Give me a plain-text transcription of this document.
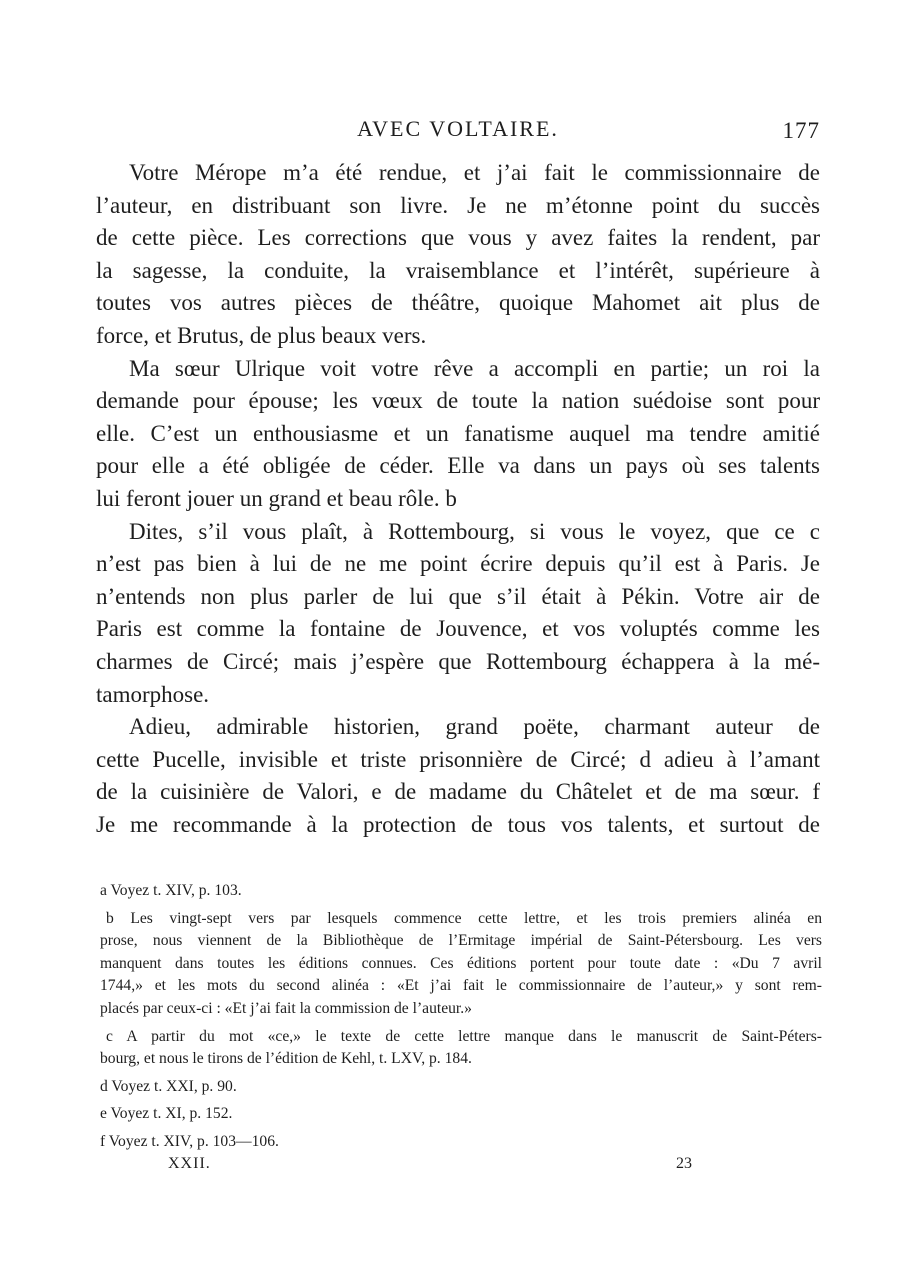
AVEC VOLTAIRE.	177
Votre Mérope m’a été rendue, et j’ai fait le commissionnaire de
l’auteur, en distribuant son livre. Je ne m’étonne point du succès
de cette pièce. Les corrections que vous y avez faites la rendent, par
la sagesse, la conduite, la vraisemblance et l’intérêt, supérieure à
toutes vos autres pièces de théâtre, quoique Mahomet ait plus de
force, et Brutus, de plus beaux vers.
Ma sœur Ulrique voit votre rêve a accompli en partie; un roi la
demande pour épouse; les vœux de toute la nation suédoise sont pour
elle. C’est un enthousiasme et un fanatisme auquel ma tendre amitié
pour elle a été obligée de céder. Elle va dans un pays où ses talents
lui feront jouer un grand et beau rôle. b
Dites, s’il vous plaît, à Rottembourg, si vous le voyez, que ce c
n’est pas bien à lui de ne me point écrire depuis qu’il est à Paris. Je
n’entends non plus parler de lui que s’il était à Pékin. Votre air de
Paris est comme la fontaine de Jouvence, et vos voluptés comme les
charmes de Circé; mais j’espère que Rottembourg échappera à la mé-
tamorphose.
Adieu, admirable historien, grand poëte, charmant auteur de
cette Pucelle, invisible et triste prisonnière de Circé; d adieu à l’amant
de la cuisinière de Valori, e de madame du Châtelet et de ma sœur. f
Je me recommande à la protection de tous vos talents, et surtout de
a Voyez t. XIV, p. 103.
b Les vingt-sept vers par lesquels commence cette lettre, et les trois premiers alinéa en
prose, nous viennent de la Bibliothèque de l’Ermitage impérial de Saint-Pétersbourg. Les vers
manquent dans toutes les éditions connues. Ces éditions portent pour toute date : «Du 7 avril
1744,» et les mots du second alinéa : «Et j’ai fait le commissionnaire de l’auteur,» y sont rem-
placés par ceux-ci : «Et j’ai fait la commission de l’auteur.»
c A partir du mot «ce,» le texte de cette lettre manque dans le manuscrit de Saint-Péters-
bourg, et nous le tirons de l’édition de Kehl, t. LXV, p. 184.
d Voyez t. XXI, p. 90.
e Voyez t. XI, p. 152.
f Voyez t. XIV, p. 103—106.
XXII.	23
